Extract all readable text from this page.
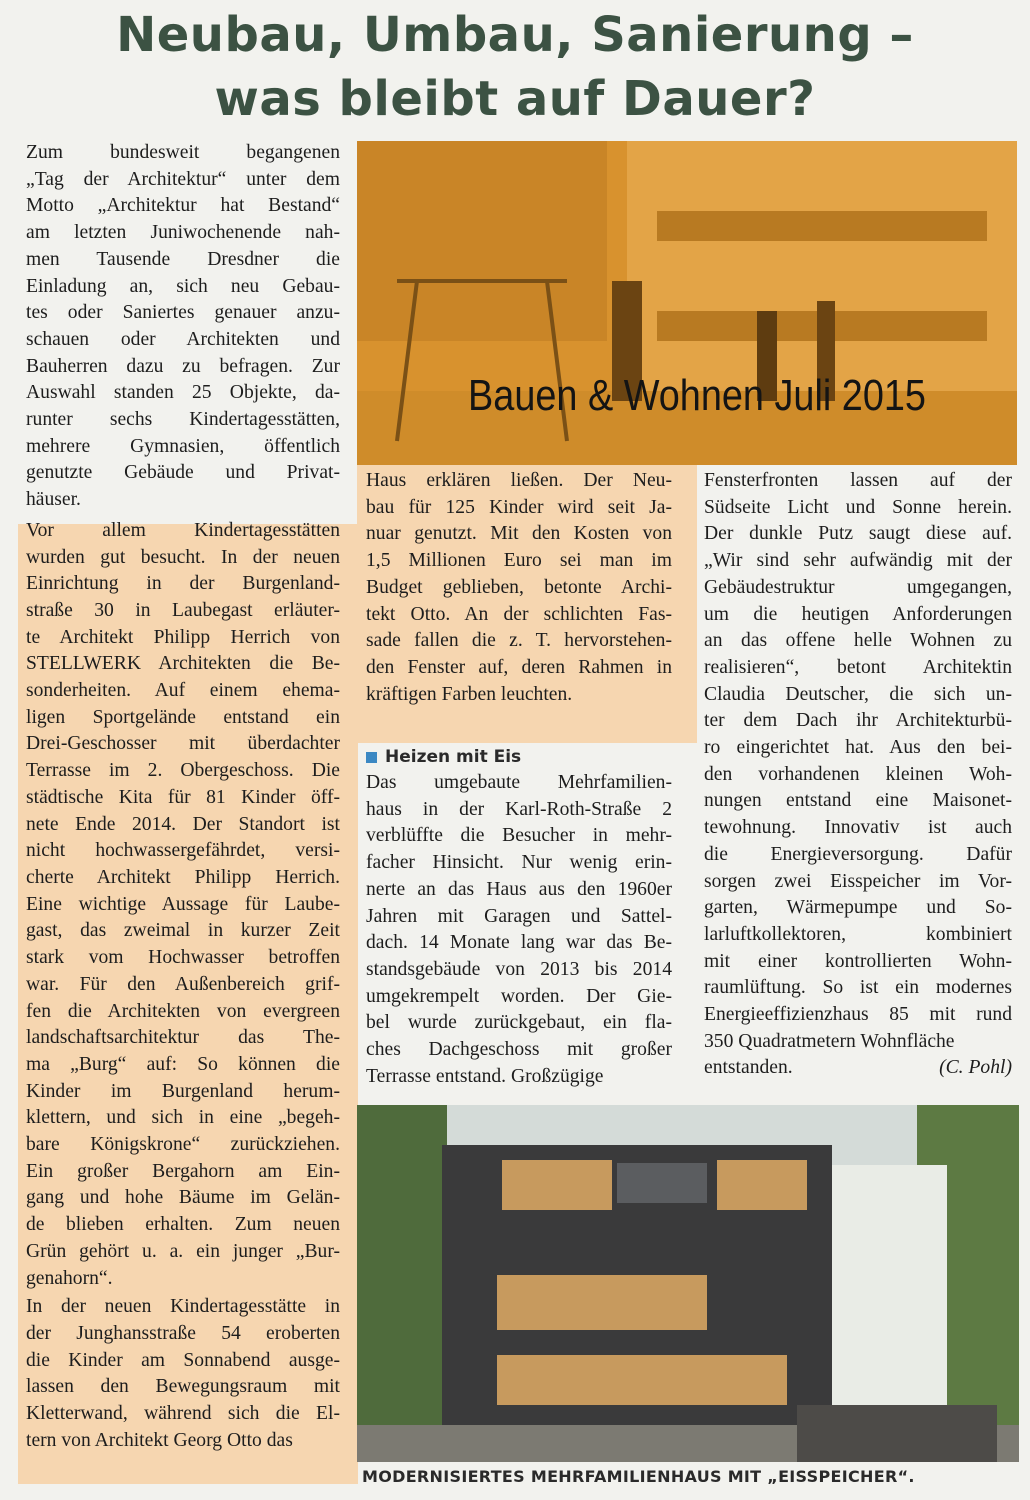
Neubau, Umbau, Sanierung –
was bleibt auf Dauer?
Bauen & Wohnen Juli 2015

Zum bundesweit begangenen
„Tag der Architektur“ unter dem
Motto „Architektur hat Bestand“
am letzten Juniwochenende nah-
men Tausende Dresdner die
Einladung an, sich neu Gebau-
tes oder Saniertes genauer anzu-
schauen oder Architekten und
Bauherren dazu zu befragen. Zur
Auswahl standen 25 Objekte, da-
runter sechs Kindertagesstätten,
mehrere Gymnasien, öffentlich
genutzte Gebäude und Privat-
häuser.

Vor allem Kindertagesstätten
wurden gut besucht. In der neuen
Einrichtung in der Burgenland-
straße 30 in Laubegast erläuter-
te Architekt Philipp Herrich von
STELLWERK Architekten die Be-
sonderheiten. Auf einem ehema-
ligen Sportgelände entstand ein
Drei-Geschosser mit überdachter
Terrasse im 2. Obergeschoss. Die
städtische Kita für 81 Kinder öff-
nete Ende 2014. Der Standort ist
nicht hochwassergefährdet, versi-
cherte Architekt Philipp Herrich.
Eine wichtige Aussage für Laube-
gast, das zweimal in kurzer Zeit
stark vom Hochwasser betroffen
war. Für den Außenbereich grif-
fen die Architekten von evergreen
landschaftsarchitektur das The-
ma „Burg“ auf: So können die
Kinder im Burgenland herum-
klettern, und sich in eine „begeh-
bare Königskrone“ zurückziehen.
Ein großer Bergahorn am Ein-
gang und hohe Bäume im Gelän-
de blieben erhalten. Zum neuen
Grün gehört u. a. ein junger „Bur-
genahorn“.

In der neuen Kindertagesstätte in
der Junghansstraße 54 eroberten
die Kinder am Sonnabend ausge-
lassen den Bewegungsraum mit
Kletterwand, während sich die El-
tern von Architekt Georg Otto das

Haus erklären ließen. Der Neu-
bau für 125 Kinder wird seit Ja-
nuar genutzt. Mit den Kosten von
1,5 Millionen Euro sei man im
Budget geblieben, betonte Archi-
tekt Otto. An der schlichten Fas-
sade fallen die z. T. hervorstehen-
den Fenster auf, deren Rahmen in
kräftigen Farben leuchten.

Heizen mit Eis

Das umgebaute Mehrfamilien-
haus in der Karl-Roth-Straße 2
verblüffte die Besucher in mehr-
facher Hinsicht. Nur wenig erin-
nerte an das Haus aus den 1960er
Jahren mit Garagen und Sattel-
dach. 14 Monate lang war das Be-
standsgebäude von 2013 bis 2014
umgekrempelt worden. Der Gie-
bel wurde zurückgebaut, ein fla-
ches Dachgeschoss mit großer
Terrasse entstand. Großzügige

Fensterfronten lassen auf der
Südseite Licht und Sonne herein.
Der dunkle Putz saugt diese auf.
„Wir sind sehr aufwändig mit der
Gebäudestruktur umgegangen,
um die heutigen Anforderungen
an das offene helle Wohnen zu
realisieren“, betont Architektin
Claudia Deutscher, die sich un-
ter dem Dach ihr Architekturbü-
ro eingerichtet hat. Aus den bei-
den vorhandenen kleinen Woh-
nungen entstand eine Maisonet-
tewohnung. Innovativ ist auch
die Energieversorgung. Dafür
sorgen zwei Eisspeicher im Vor-
garten, Wärmepumpe und So-
larluftkollektoren, kombiniert
mit einer kontrollierten Wohn-
raumlüftung. So ist ein modernes
Energieeffizienzhaus 85 mit rund
350 Quadratmetern Wohnfläche

entstanden.	(C. Pohl)

MODERNISIERTES MEHRFAMILIENHAUS MIT „EISSPEICHER“.
